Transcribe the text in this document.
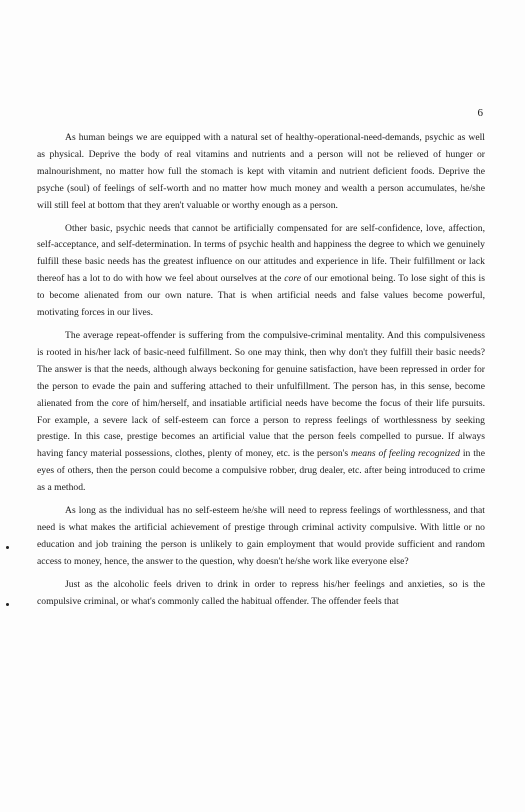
6

As human beings we are equipped with a natural set of healthy-operational-need-demands, psychic as well as physical. Deprive the body of real vitamins and nutrients and a person will not be relieved of hunger or malnourishment, no matter how full the stomach is kept with vitamin and nutrient deficient foods. Deprive the psyche (soul) of feelings of self-worth and no matter how much money and wealth a person accumulates, he/she will still feel at bottom that they aren't valuable or worthy enough as a person.

Other basic, psychic needs that cannot be artificially compensated for are self-confidence, love, affection, self-acceptance, and self-determination. In terms of psychic health and happiness the degree to which we genuinely fulfill these basic needs has the greatest influence on our attitudes and experience in life. Their fulfillment or lack thereof has a lot to do with how we feel about ourselves at the core of our emotional being. To lose sight of this is to become alienated from our own nature. That is when artificial needs and false values become powerful, motivating forces in our lives.

The average repeat-offender is suffering from the compulsive-criminal mentality. And this compulsiveness is rooted in his/her lack of basic-need fulfillment. So one may think, then why don't they fulfill their basic needs? The answer is that the needs, although always beckoning for genuine satisfaction, have been repressed in order for the person to evade the pain and suffering attached to their unfulfillment. The person has, in this sense, become alienated from the core of him/herself, and insatiable artificial needs have become the focus of their life pursuits. For example, a severe lack of self-esteem can force a person to repress feelings of worthlessness by seeking prestige. In this case, prestige becomes an artificial value that the person feels compelled to pursue. If always having fancy material possessions, clothes, plenty of money, etc. is the person's means of feeling recognized in the eyes of others, then the person could become a compulsive robber, drug dealer, etc. after being introduced to crime as a method.

As long as the individual has no self-esteem he/she will need to repress feelings of worthlessness, and that need is what makes the artificial achievement of prestige through criminal activity compulsive. With little or no education and job training the person is unlikely to gain employment that would provide sufficient and random access to money, hence, the answer to the question, why doesn't he/she work like everyone else?

Just as the alcoholic feels driven to drink in order to repress his/her feelings and anxieties, so is the compulsive criminal, or what's commonly called the habitual offender. The offender feels that
